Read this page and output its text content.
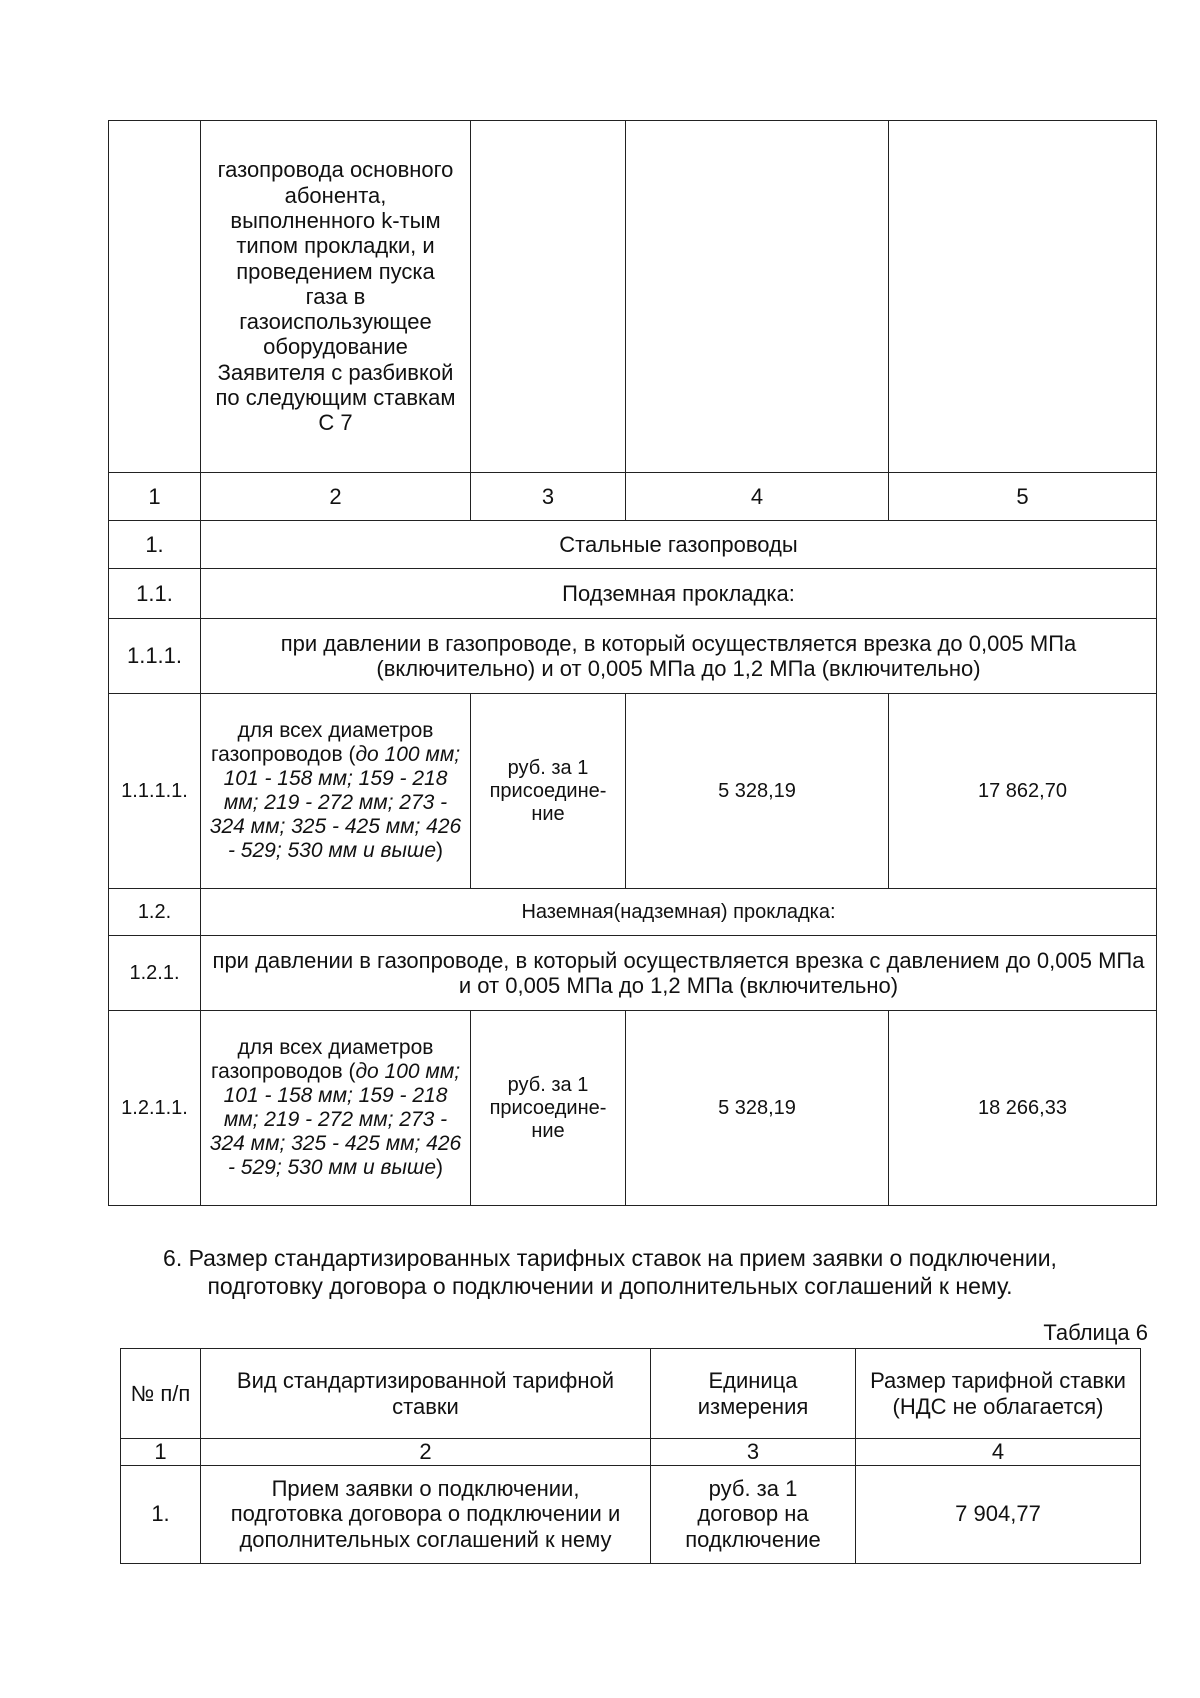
	газопровода основного абонента, выполненного k-тым типом прокладки, и проведением пуска газа в газоиспользующее оборудование Заявителя с разбивкой по следующим ставкам С 7			
1	2	3	4	5
1.	Стальные газопроводы			
1.1.	Подземная прокладка:			
1.1.1.	при давлении в газопроводе, в который осуществляется врезка до 0,005 МПа (включительно) и от 0,005 МПа до 1,2 МПа (включительно)			
1.1.1.1.	для всех диаметров газопроводов (до 100 мм; 101 - 158 мм; 159 - 218 мм; 219 - 272 мм; 273 - 324 мм; 325 - 425 мм; 426 - 529; 530 мм и выше)	руб. за 1 присоедине-ние	5 328,19	17 862,70
1.2.	Наземная(надземная) прокладка:			
1.2.1.	при давлении в газопроводе, в который осуществляется врезка с давлением до 0,005 МПа и от 0,005 МПа до 1,2 МПа (включительно)			
1.2.1.1.	для всех диаметров газопроводов (до 100 мм; 101 - 158 мм; 159 - 218 мм; 219 - 272 мм; 273 - 324 мм; 325 - 425 мм; 426 - 529; 530 мм и выше)	руб. за 1 присоедине-ние	5 328,19	18 266,33
6. Размер стандартизированных тарифных ставок на прием заявки о подключении, подготовку договора о подключении и дополнительных соглашений к нему.
Таблица 6
№ п/п	Вид стандартизированной тарифной ставки	Единица измерения	Размер тарифной ставки (НДС не облагается)
1	2	3	4
1.	Прием заявки о подключении, подготовка договора о подключении и дополнительных соглашений к нему	руб. за 1 договор на подключение	7 904,77
